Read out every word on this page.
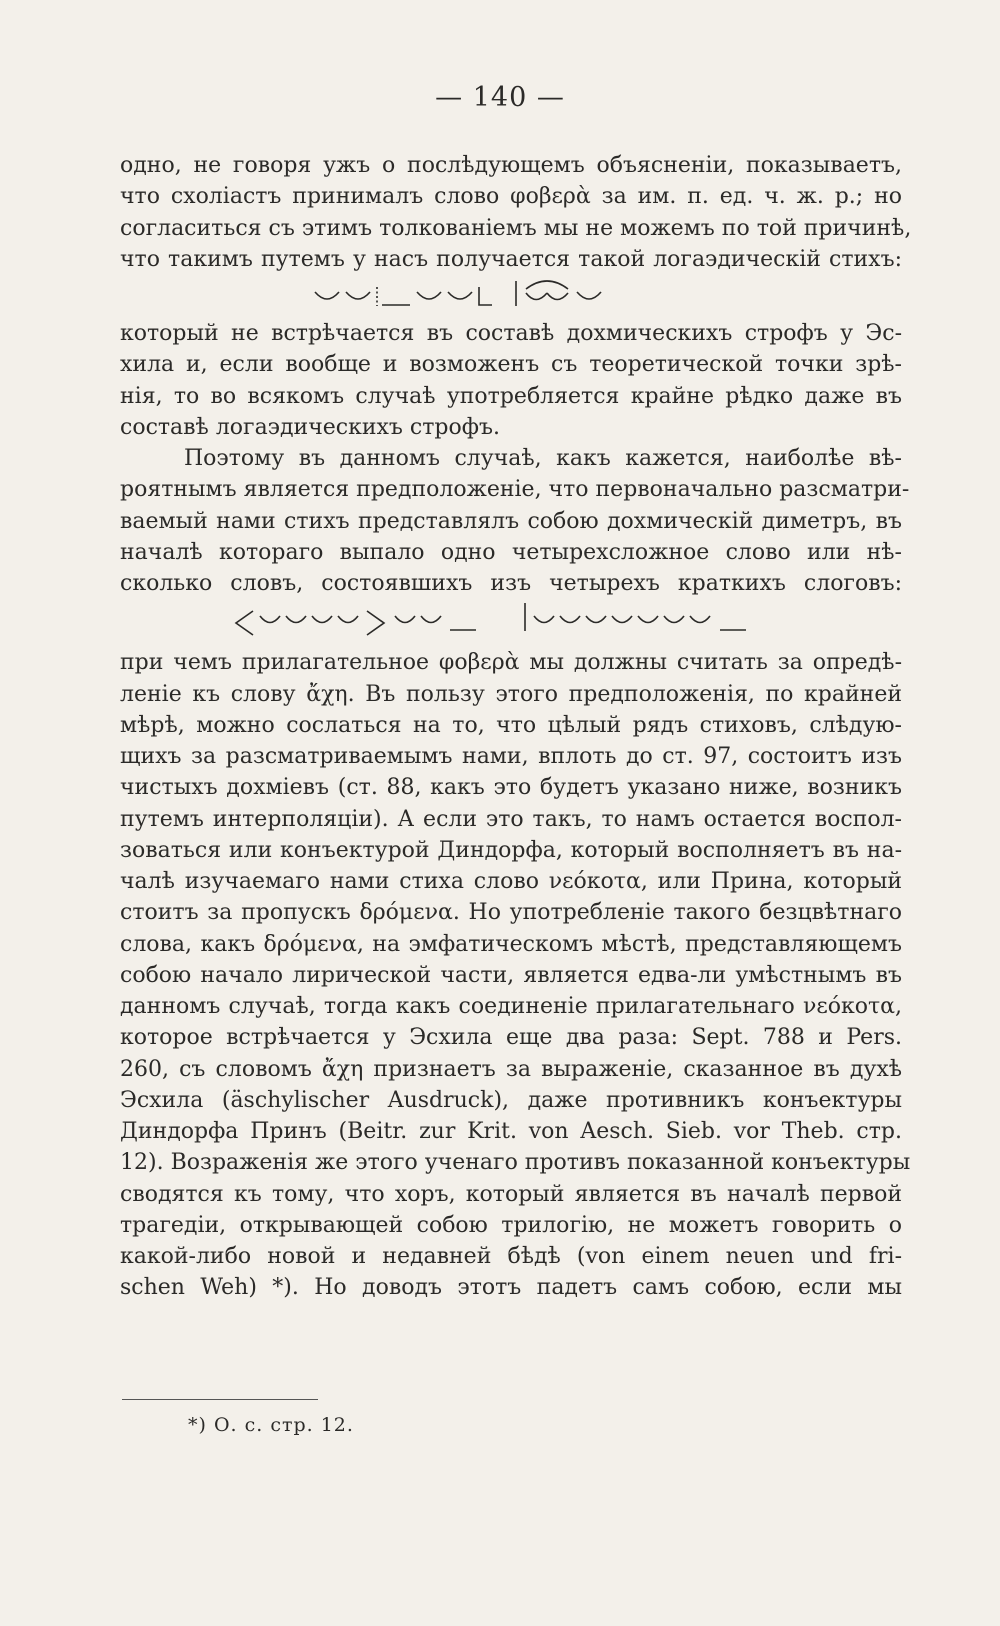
— 140 —
одно, не говоря ужъ о послѣдующемъ объясненіи, показываетъ,
что схоліастъ принималъ слово φοβερὰ за им. п. ед. ч. ж. р.; но
согласиться съ этимъ толкованіемъ мы не можемъ по той причинѣ,
что такимъ путемъ у насъ получается такой логаэдическій стихъ:
который не встрѣчается въ составѣ дохмическихъ строфъ у Эс-
хила и, если вообще и возможенъ съ теоретической точки зрѣ-
нія, то во всякомъ случаѣ употребляется крайне рѣдко даже въ
составѣ логаэдическихъ строфъ.
Поэтому въ данномъ случаѣ, какъ кажется, наиболѣе вѣ-
роятнымъ является предположеніе, что первоначально разсматри-
ваемый нами стихъ представлялъ собою дохмическій диметръ, въ
началѣ котораго выпало одно четырехсложное слово или нѣ-
сколько словъ, состоявшихъ изъ четырехъ краткихъ слоговъ:
при чемъ прилагательное φοβερὰ мы должны считать за опредѣ-
леніе къ слову ἄχη. Въ пользу этого предположенія, по крайней
мѣрѣ, можно сослаться на то, что цѣлый рядъ стиховъ, слѣдую-
щихъ за разсматриваемымъ нами, вплоть до ст. 97, состоитъ изъ
чистыхъ дохміевъ (ст. 88, какъ это будетъ указано ниже, возникъ
путемъ интерполяціи). А если это такъ, то намъ остается воспол-
зоваться или конъектурой Диндорфа, который восполняетъ въ на-
чалѣ изучаемаго нами стиха слово νεόκοτα, или Прина, который
стоитъ за пропускъ δρόμενα. Но употребленіе такого безцвѣтнаго
слова, какъ δρόμενα, на эмфатическомъ мѣстѣ, представляющемъ
собою начало лирической части, является едва-ли умѣстнымъ въ
данномъ случаѣ, тогда какъ соединеніе прилагательнаго νεόκοτα,
которое встрѣчается у Эсхила еще два раза: Sept. 788 и Pers.
260, съ словомъ ἄχη признаетъ за выраженіе, сказанное въ духѣ
Эсхила (äschylischer Ausdruck), даже противникъ конъектуры
Диндорфа Принъ (Beitr. zur Krit. von Aesch. Sieb. vor Theb. стр.
12). Возраженія же этого ученаго противъ показанной конъектуры
сводятся къ тому, что хоръ, который является въ началѣ первой
трагедіи, открывающей собою трилогію, не можетъ говорить о
какой-либо новой и недавней бѣдѣ (von einem neuen und fri-
schen Weh) *). Но доводъ этотъ падетъ самъ собою, если мы
*) О. с. стр. 12.
